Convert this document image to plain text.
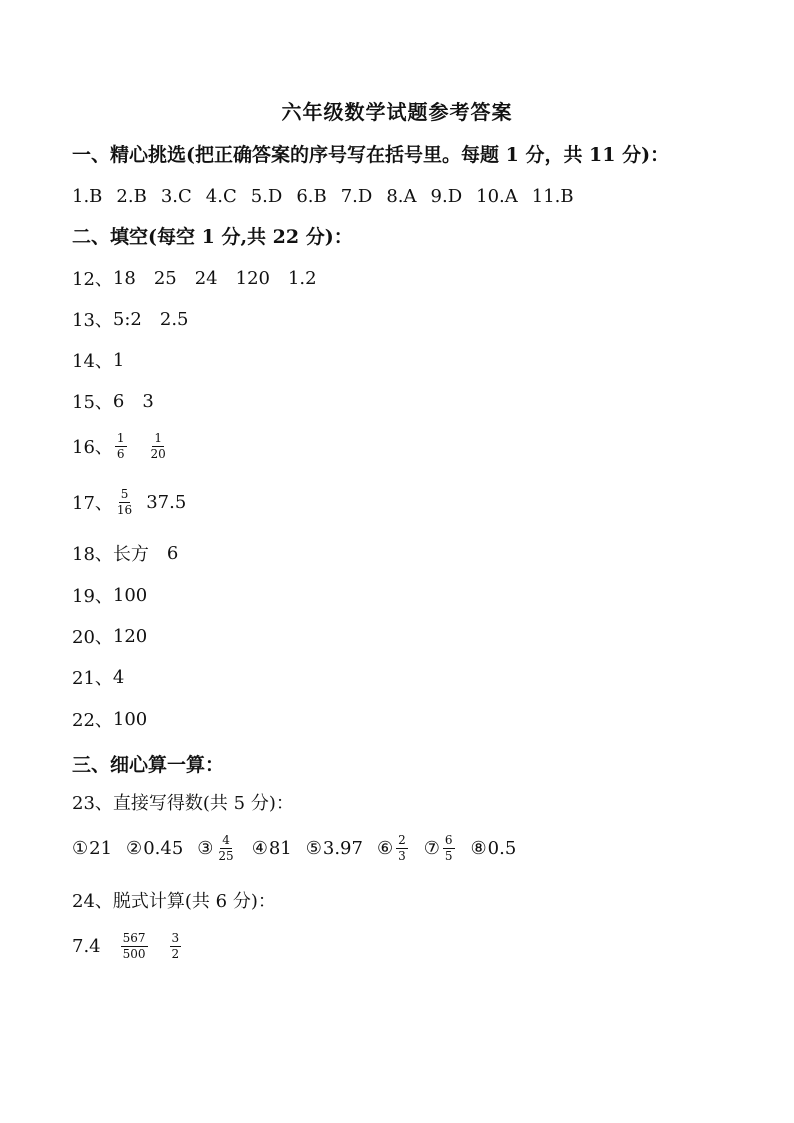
六年级数学试题参考答案
一、精心挑选(把正确答案的序号写在括号里。每题 1 分，共 11 分)：
1.B 2.B 3.C 4.C 5.D 6.B 7.D 8.A 9.D 10.A 11.B
二、填空(每空 1 分,共 22 分)：
12、 18 25 24 120 1.2
13、 5:2 2.5
14、 1
15、 6 3
16、 $\frac{1}{6} \frac{1}{20}$
17、 $\frac{5}{16} 37.5$
18、 长方 6
19、 100
20、 120
21、 4
22、 100
三、细心算一算：
23、直接写得数(共 5 分)：
① 21 ② 0.45 ③ $\frac{4}{25}$ ④ 81 ⑤ 3.97 ⑥ $\frac{2}{3}$ ⑦ $\frac{6}{5}$ ⑧ 0.5
24、脱式计算(共 6 分)：
$7.4 \frac{567}{500} \frac{3}{2}$
